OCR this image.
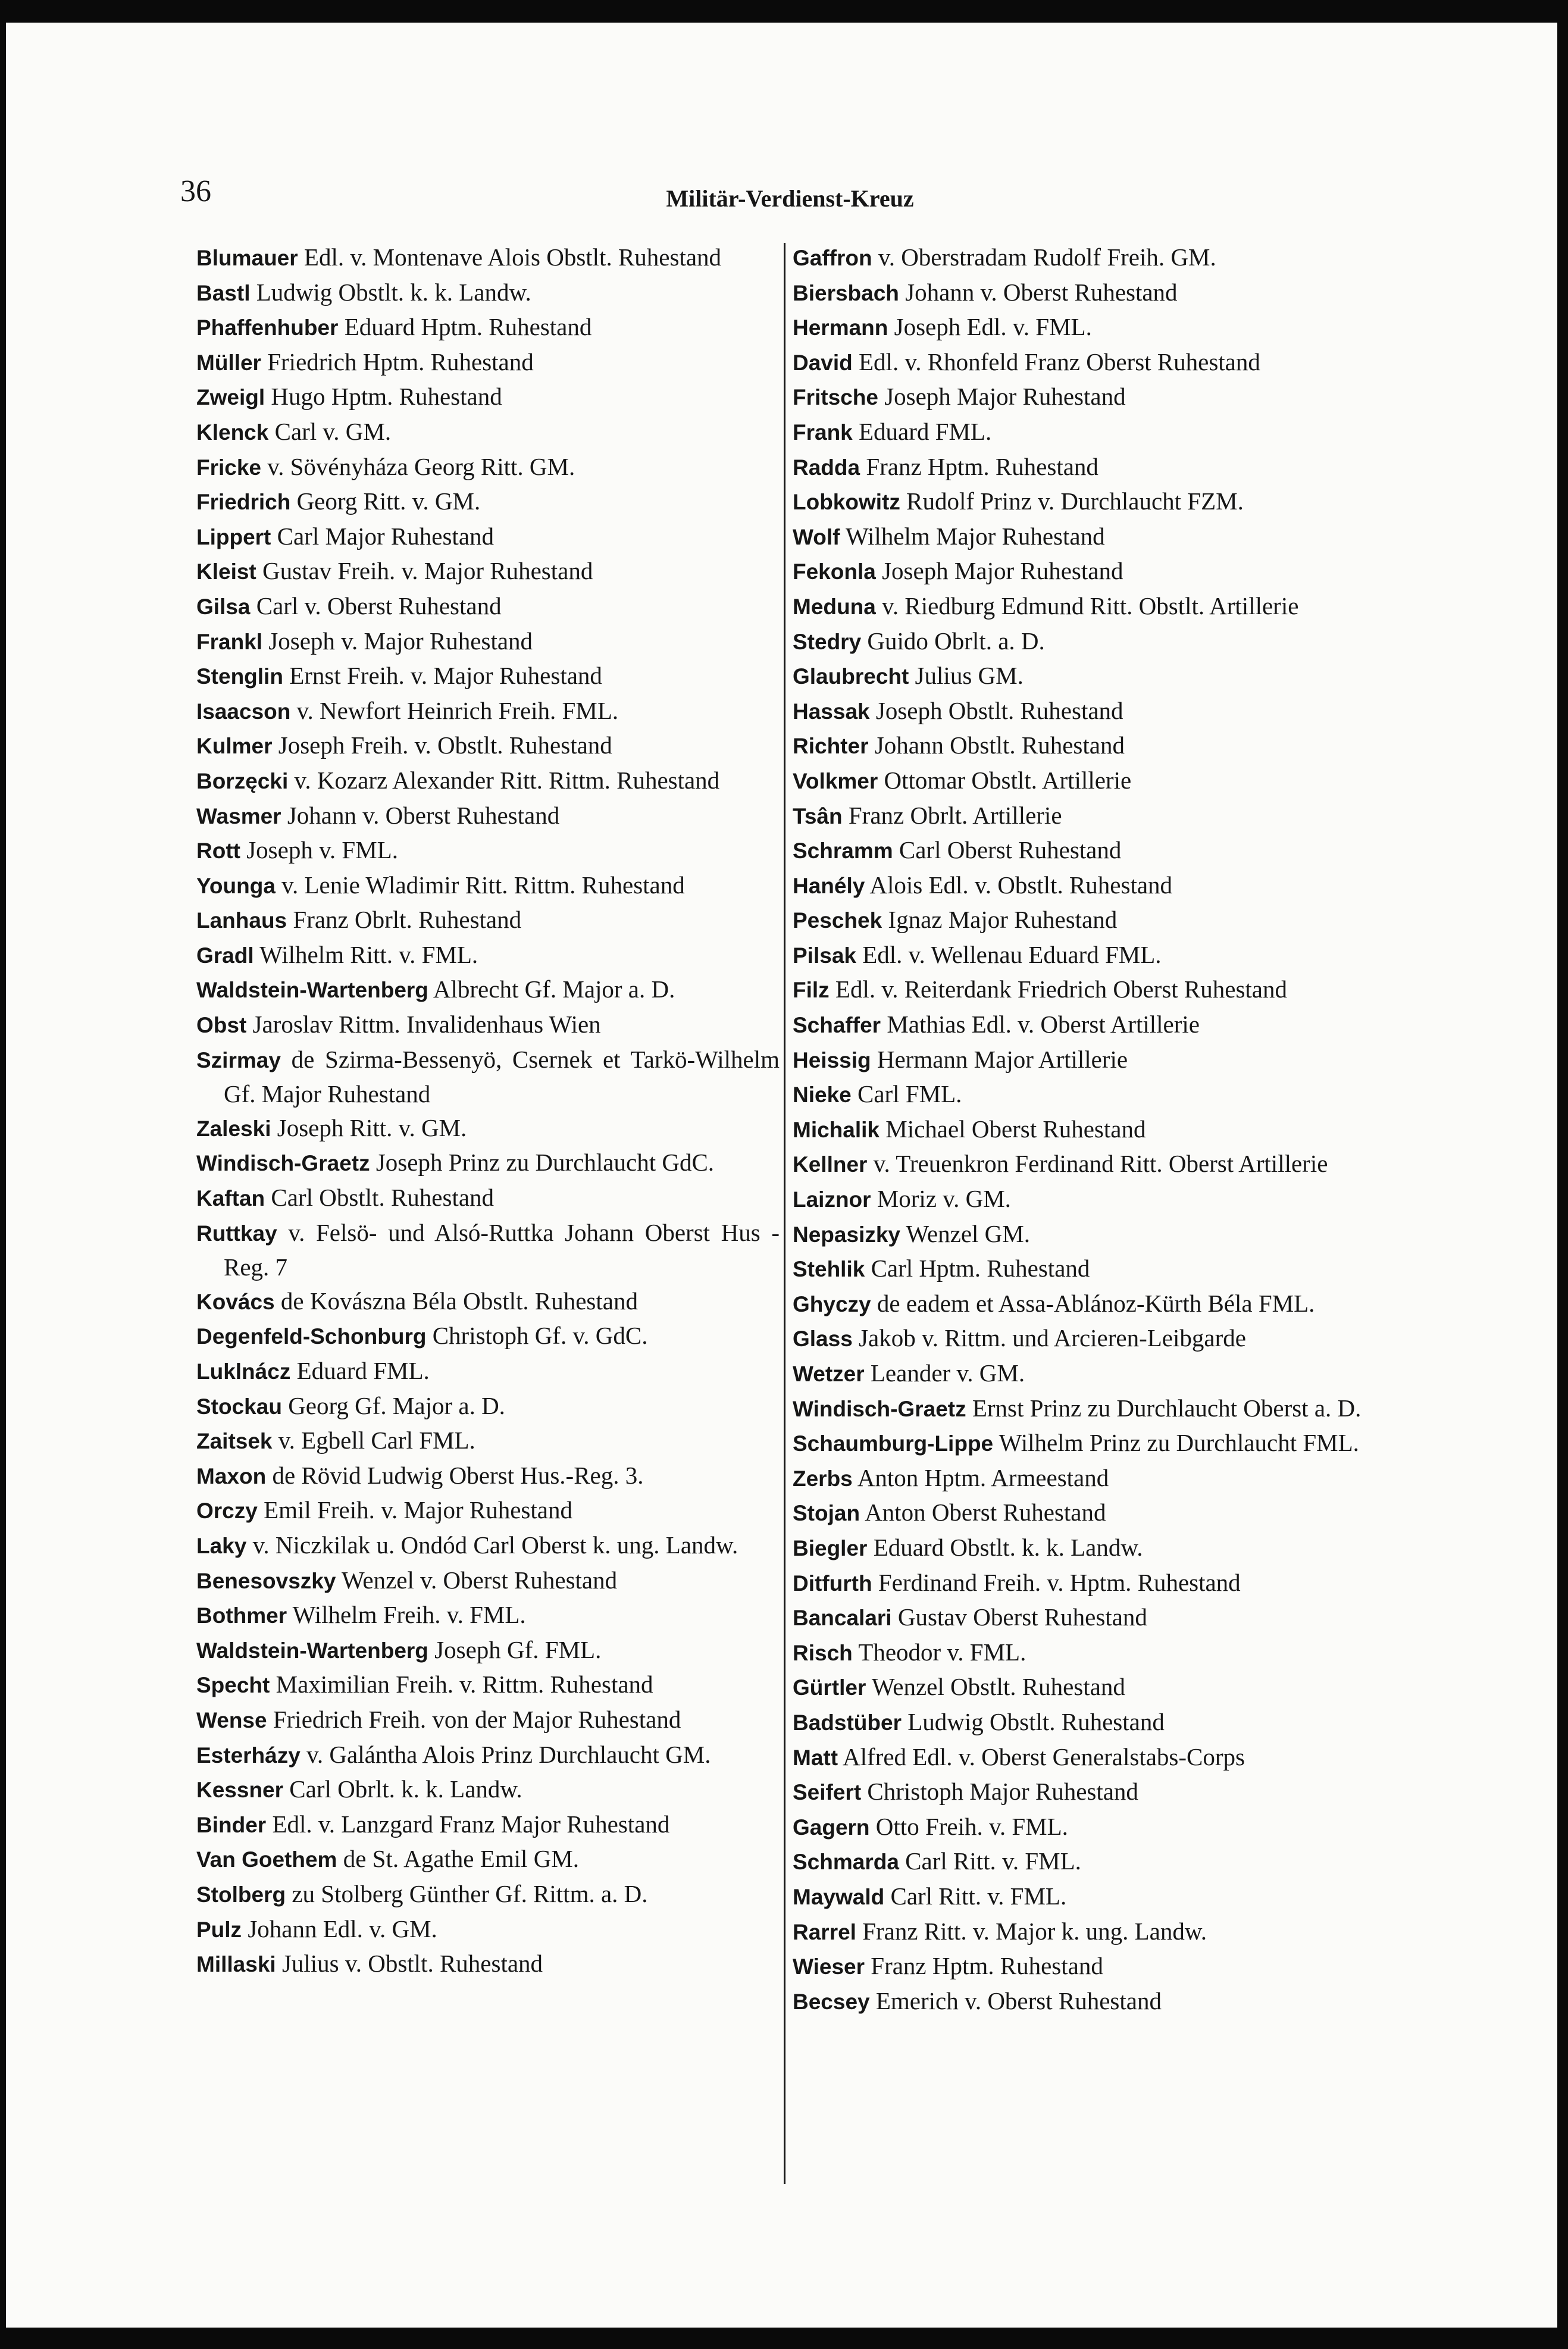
36	Militär-Verdienst-Kreuz

Blumauer Edl. v. Montenave Alois Obstlt. Ruhestand

Bastl Ludwig Obstlt. k. k. Landw.

Phaffenhuber Eduard Hptm. Ruhestand

Müller Friedrich Hptm. Ruhestand

Zweigl Hugo Hptm. Ruhestand

Klenck Carl v. GM.

Fricke v. Sövényháza Georg Ritt. GM.

Friedrich Georg Ritt. v. GM.

Lippert Carl Major Ruhestand

Kleist Gustav Freih. v. Major Ruhestand

Gilsa Carl v. Oberst Ruhestand

Frankl Joseph v. Major Ruhestand

Stenglin Ernst Freih. v. Major Ruhestand

Isaacson v. Newfort Heinrich Freih. FML.

Kulmer Joseph Freih. v. Obstlt. Ruhestand

Borzęcki v. Kozarz Alexander Ritt. Rittm. Ruhestand

Wasmer Johann v. Oberst Ruhestand

Rott Joseph v. FML.

Younga v. Lenie Wladimir Ritt. Rittm. Ruhestand

Lanhaus Franz Obrlt. Ruhestand

Gradl Wilhelm Ritt. v. FML.

Waldstein-Wartenberg Albrecht Gf. Major a. D.

Obst Jaroslav Rittm. Invalidenhaus Wien

Szirmay de Szirma-Bessenyö, Csernek et Tarkö-Wilhelm Gf. Major Ruhestand

Zaleski Joseph Ritt. v. GM.

Windisch-Graetz Joseph Prinz zu Durchlaucht GdC.

Kaftan Carl Obstlt. Ruhestand

Ruttkay v. Felsö- und Alsó-Ruttka Johann Oberst Hus -Reg. 7

Kovács de Kovászna Béla Obstlt. Ruhestand

Degenfeld-Schonburg Christoph Gf. v. GdC.

Luklnácz Eduard FML.

Stockau Georg Gf. Major a. D.

Zaitsek v. Egbell Carl FML.

Maxon de Rövid Ludwig Oberst Hus.-Reg. 3.

Orczy Emil Freih. v. Major Ruhestand

Laky v. Niczkilak u. Ondód Carl Oberst k. ung. Landw.

Benesovszky Wenzel v. Oberst Ruhestand

Bothmer Wilhelm Freih. v. FML.

Waldstein-Wartenberg Joseph Gf. FML.

Specht Maximilian Freih. v. Rittm. Ruhestand

Wense Friedrich Freih. von der Major Ruhestand

Esterházy v. Galántha Alois Prinz Durchlaucht GM.

Kessner Carl Obrlt. k. k. Landw.

Binder Edl. v. Lanzgard Franz Major Ruhestand

Van Goethem de St. Agathe Emil GM.

Stolberg zu Stolberg Günther Gf. Rittm. a. D.

Pulz Johann Edl. v. GM.

Millaski Julius v. Obstlt. Ruhestand

Gaffron v. Oberstradam Rudolf Freih. GM.

Biersbach Johann v. Oberst Ruhestand

Hermann Joseph Edl. v. FML.

David Edl. v. Rhonfeld Franz Oberst Ruhestand

Fritsche Joseph Major Ruhestand

Frank Eduard FML.

Radda Franz Hptm. Ruhestand

Lobkowitz Rudolf Prinz v. Durchlaucht FZM.

Wolf Wilhelm Major Ruhestand

Fekonla Joseph Major Ruhestand

Meduna v. Riedburg Edmund Ritt. Obstlt. Artillerie

Stedry Guido Obrlt. a. D.

Glaubrecht Julius GM.

Hassak Joseph Obstlt. Ruhestand

Richter Johann Obstlt. Ruhestand

Volkmer Ottomar Obstlt. Artillerie

Tsân Franz Obrlt. Artillerie

Schramm Carl Oberst Ruhestand

Hanély Alois Edl. v. Obstlt. Ruhestand

Peschek Ignaz Major Ruhestand

Pilsak Edl. v. Wellenau Eduard FML.

Filz Edl. v. Reiterdank Friedrich Oberst Ruhestand

Schaffer Mathias Edl. v. Oberst Artillerie

Heissig Hermann Major Artillerie

Nieke Carl FML.

Michalik Michael Oberst Ruhestand

Kellner v. Treuenkron Ferdinand Ritt. Oberst Artillerie

Laiznor Moriz v. GM.

Nepasizky Wenzel GM.

Stehlik Carl Hptm. Ruhestand

Ghyczy de eadem et Assa-Ablánoz-Kürth Béla FML.

Glass Jakob v. Rittm. und Arcieren-Leibgarde

Wetzer Leander v. GM.

Windisch-Graetz Ernst Prinz zu Durchlaucht Oberst a. D.

Schaumburg-Lippe Wilhelm Prinz zu Durchlaucht FML.

Zerbs Anton Hptm. Armeestand

Stojan Anton Oberst Ruhestand

Biegler Eduard Obstlt. k. k. Landw.

Ditfurth Ferdinand Freih. v. Hptm. Ruhestand

Bancalari Gustav Oberst Ruhestand

Risch Theodor v. FML.

Gürtler Wenzel Obstlt. Ruhestand

Badstüber Ludwig Obstlt. Ruhestand

Matt Alfred Edl. v. Oberst Generalstabs-Corps

Seifert Christoph Major Ruhestand

Gagern Otto Freih. v. FML.

Schmarda Carl Ritt. v. FML.

Maywald Carl Ritt. v. FML.

Rarrel Franz Ritt. v. Major k. ung. Landw.

Wieser Franz Hptm. Ruhestand

Becsey Emerich v. Oberst Ruhestand
